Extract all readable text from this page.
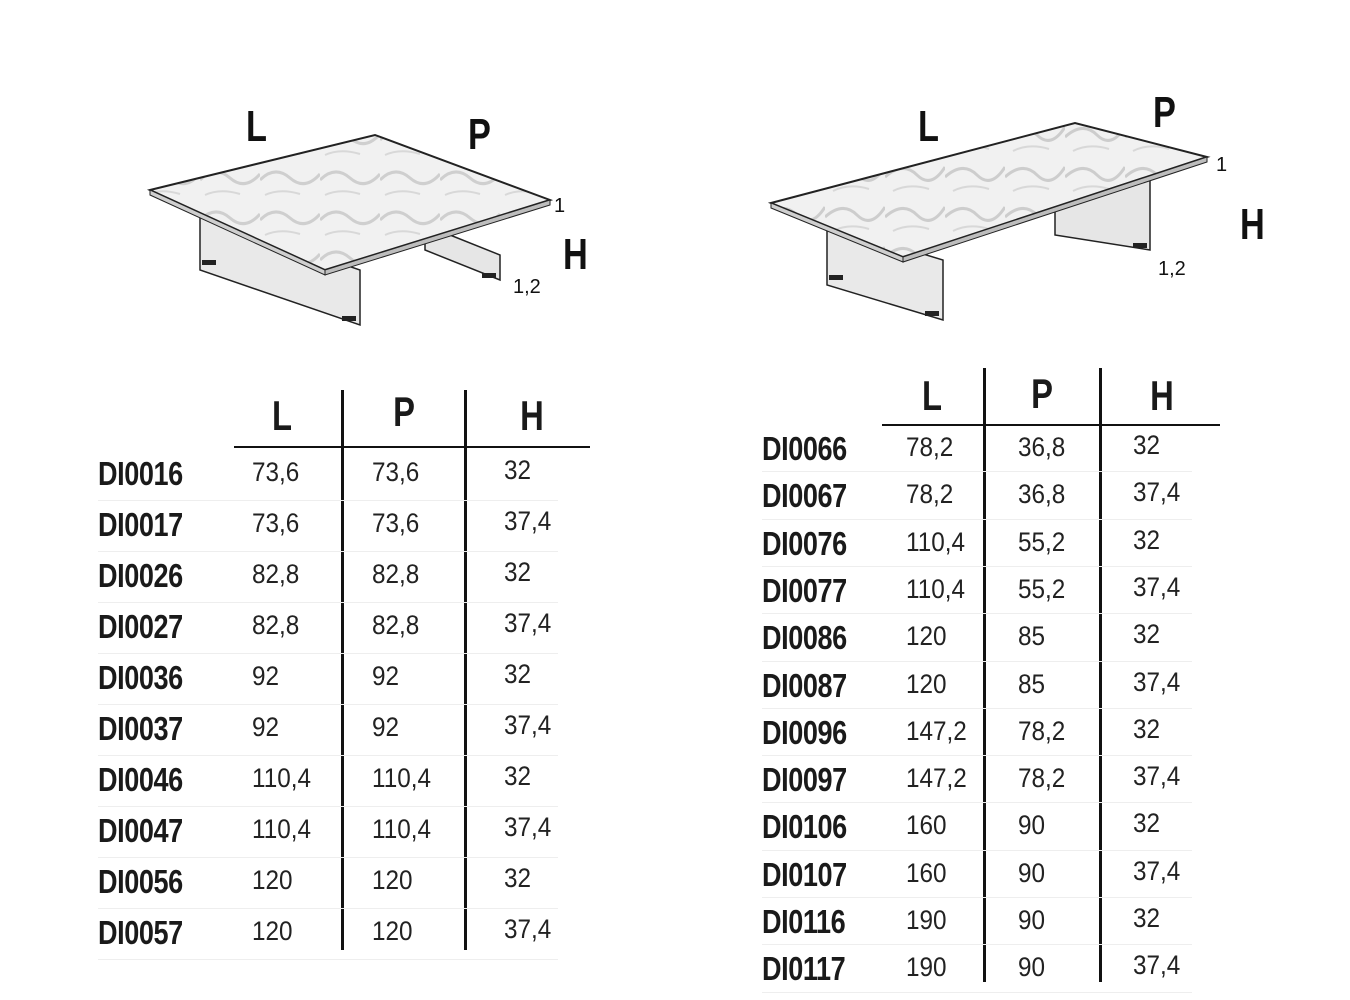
L	P
H
1
1,2
L	P
H
1
1,2
L P	H
DI0016	73,6	73,6	32
DI0017	73,6	73,6	37,4
DI0026	82,8	82,8	32
DI0027	82,8	82,8	37,4
DI0036	92	92	32
DI0037	92	92	37,4
DI0046	110,4 110,4	32
DI0047	110,4 110,4	37,4
DI0056	120	120	32
DI0057	120	120	37,4
L P H
DI0066 78,2 36,8	32
DI0067 78,2 36,8	37,4
DI0076 110,4 55,2	32
DI0077 110,4 55,2	37,4
DI0086 120	85	32
DI0087 120	85	37,4
DI0096 147,2 78,2	32
DI0097 147,2 78,2	37,4
DI0106 160	90	32
DI0107 160	90	37,4
DI0116 190	90	32
DI0117 190	90	37,4
